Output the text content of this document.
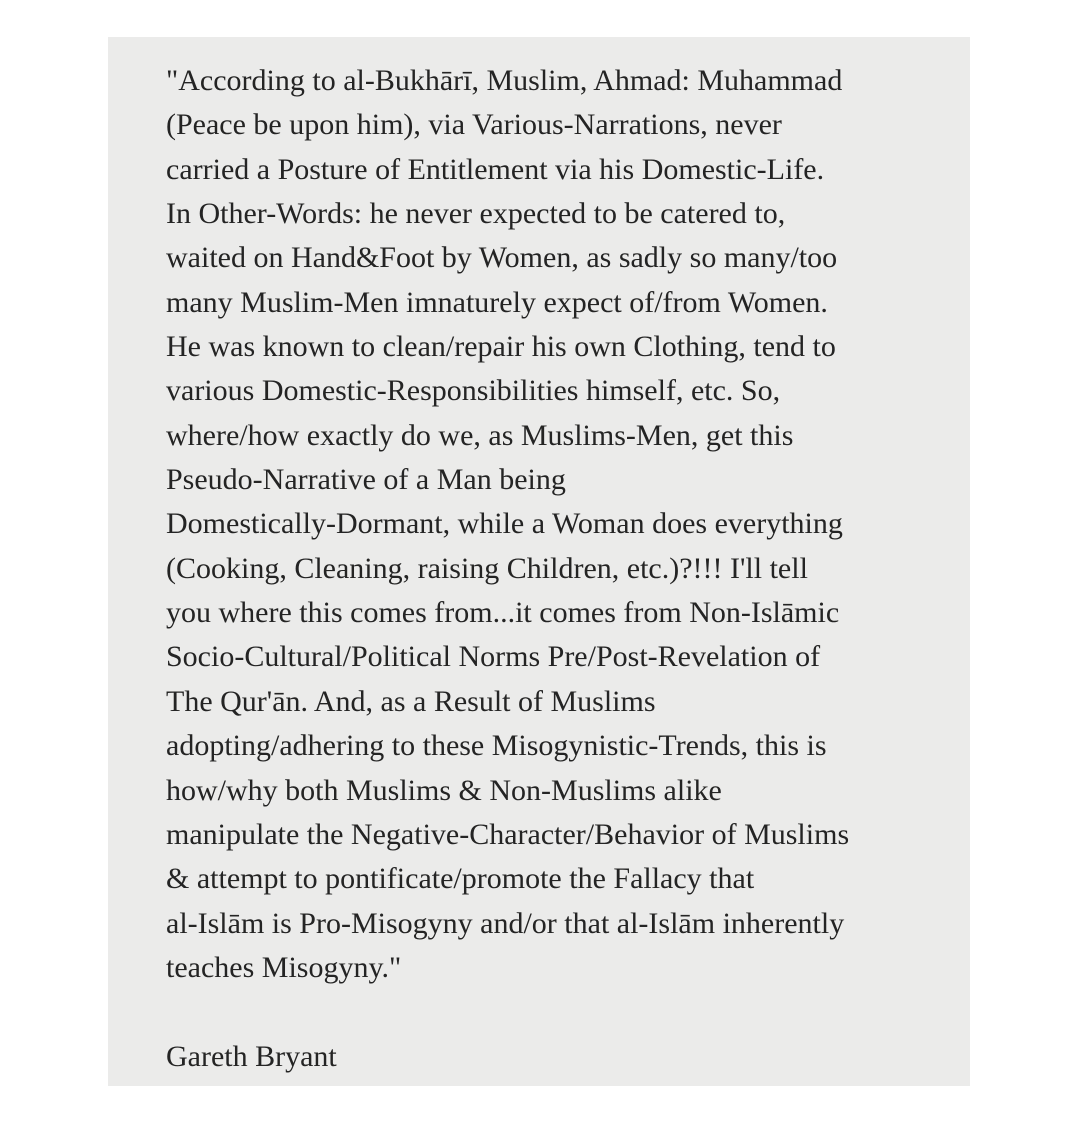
"According to al-Bukhārī, Muslim, Ahmad: Muhammad
(Peace be upon him), via Various-Narrations, never
carried a Posture of Entitlement via his Domestic-Life.
In Other-Words: he never expected to be catered to,
waited on Hand&Foot by Women, as sadly so many/too
many Muslim-Men imnaturely expect of/from Women.
He was known to clean/repair his own Clothing, tend to
various Domestic-Responsibilities himself, etc. So,
where/how exactly do we, as Muslims-Men, get this
Pseudo-Narrative of a Man being
Domestically-Dormant, while a Woman does everything
(Cooking, Cleaning, raising Children, etc.)?!!! I'll tell
you where this comes from...it comes from Non-Islāmic
Socio-Cultural/Political Norms Pre/Post-Revelation of
The Qur'ān. And, as a Result of Muslims
adopting/adhering to these Misogynistic-Trends, this is
how/why both Muslims & Non-Muslims alike
manipulate the Negative-Character/Behavior of Muslims
& attempt to pontificate/promote the Fallacy that
al-Islām is Pro-Misogyny and/or that al-Islām inherently
teaches Misogyny."
Gareth Bryant
